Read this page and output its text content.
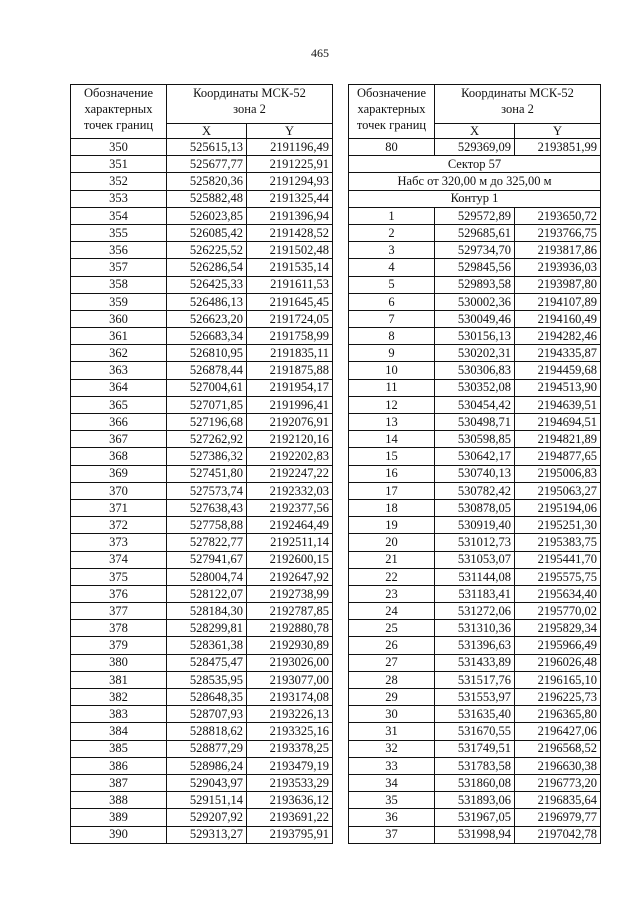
465
Обозначение
характерных
точек границ	Координаты МСК-52
зона 2	
	X	Y
350	525615,13	2191196,49
351	525677,77	2191225,91
352	525820,36	2191294,93
353	525882,48	2191325,44
354	526023,85	2191396,94
355	526085,42	2191428,52
356	526225,52	2191502,48
357	526286,54	2191535,14
358	526425,33	2191611,53
359	526486,13	2191645,45
360	526623,20	2191724,05
361	526683,34	2191758,99
362	526810,95	2191835,11
363	526878,44	2191875,88
364	527004,61	2191954,17
365	527071,85	2191996,41
366	527196,68	2192076,91
367	527262,92	2192120,16
368	527386,32	2192202,83
369	527451,80	2192247,22
370	527573,74	2192332,03
371	527638,43	2192377,56
372	527758,88	2192464,49
373	527822,77	2192511,14
374	527941,67	2192600,15
375	528004,74	2192647,92
376	528122,07	2192738,99
377	528184,30	2192787,85
378	528299,81	2192880,78
379	528361,38	2192930,89
380	528475,47	2193026,00
381	528535,95	2193077,00
382	528648,35	2193174,08
383	528707,93	2193226,13
384	528818,62	2193325,16
385	528877,29	2193378,25
386	528986,24	2193479,19
387	529043,97	2193533,29
388	529151,14	2193636,12
389	529207,92	2193691,22
390	529313,27	2193795,91
Обозначение
характерных
точек границ	Координаты МСК-52
зона 2	
	X	Y
80	529369,09	2193851,99
Сектор 57		
Набс от 320,00 м до 325,00 м		
Контур 1		
1	529572,89	2193650,72
2	529685,61	2193766,75
3	529734,70	2193817,86
4	529845,56	2193936,03
5	529893,58	2193987,80
6	530002,36	2194107,89
7	530049,46	2194160,49
8	530156,13	2194282,46
9	530202,31	2194335,87
10	530306,83	2194459,68
11	530352,08	2194513,90
12	530454,42	2194639,51
13	530498,71	2194694,51
14	530598,85	2194821,89
15	530642,17	2194877,65
16	530740,13	2195006,83
17	530782,42	2195063,27
18	530878,05	2195194,06
19	530919,40	2195251,30
20	531012,73	2195383,75
21	531053,07	2195441,70
22	531144,08	2195575,75
23	531183,41	2195634,40
24	531272,06	2195770,02
25	531310,36	2195829,34
26	531396,63	2195966,49
27	531433,89	2196026,48
28	531517,76	2196165,10
29	531553,97	2196225,73
30	531635,40	2196365,80
31	531670,55	2196427,06
32	531749,51	2196568,52
33	531783,58	2196630,38
34	531860,08	2196773,20
35	531893,06	2196835,64
36	531967,05	2196979,77
37	531998,94	2197042,78
